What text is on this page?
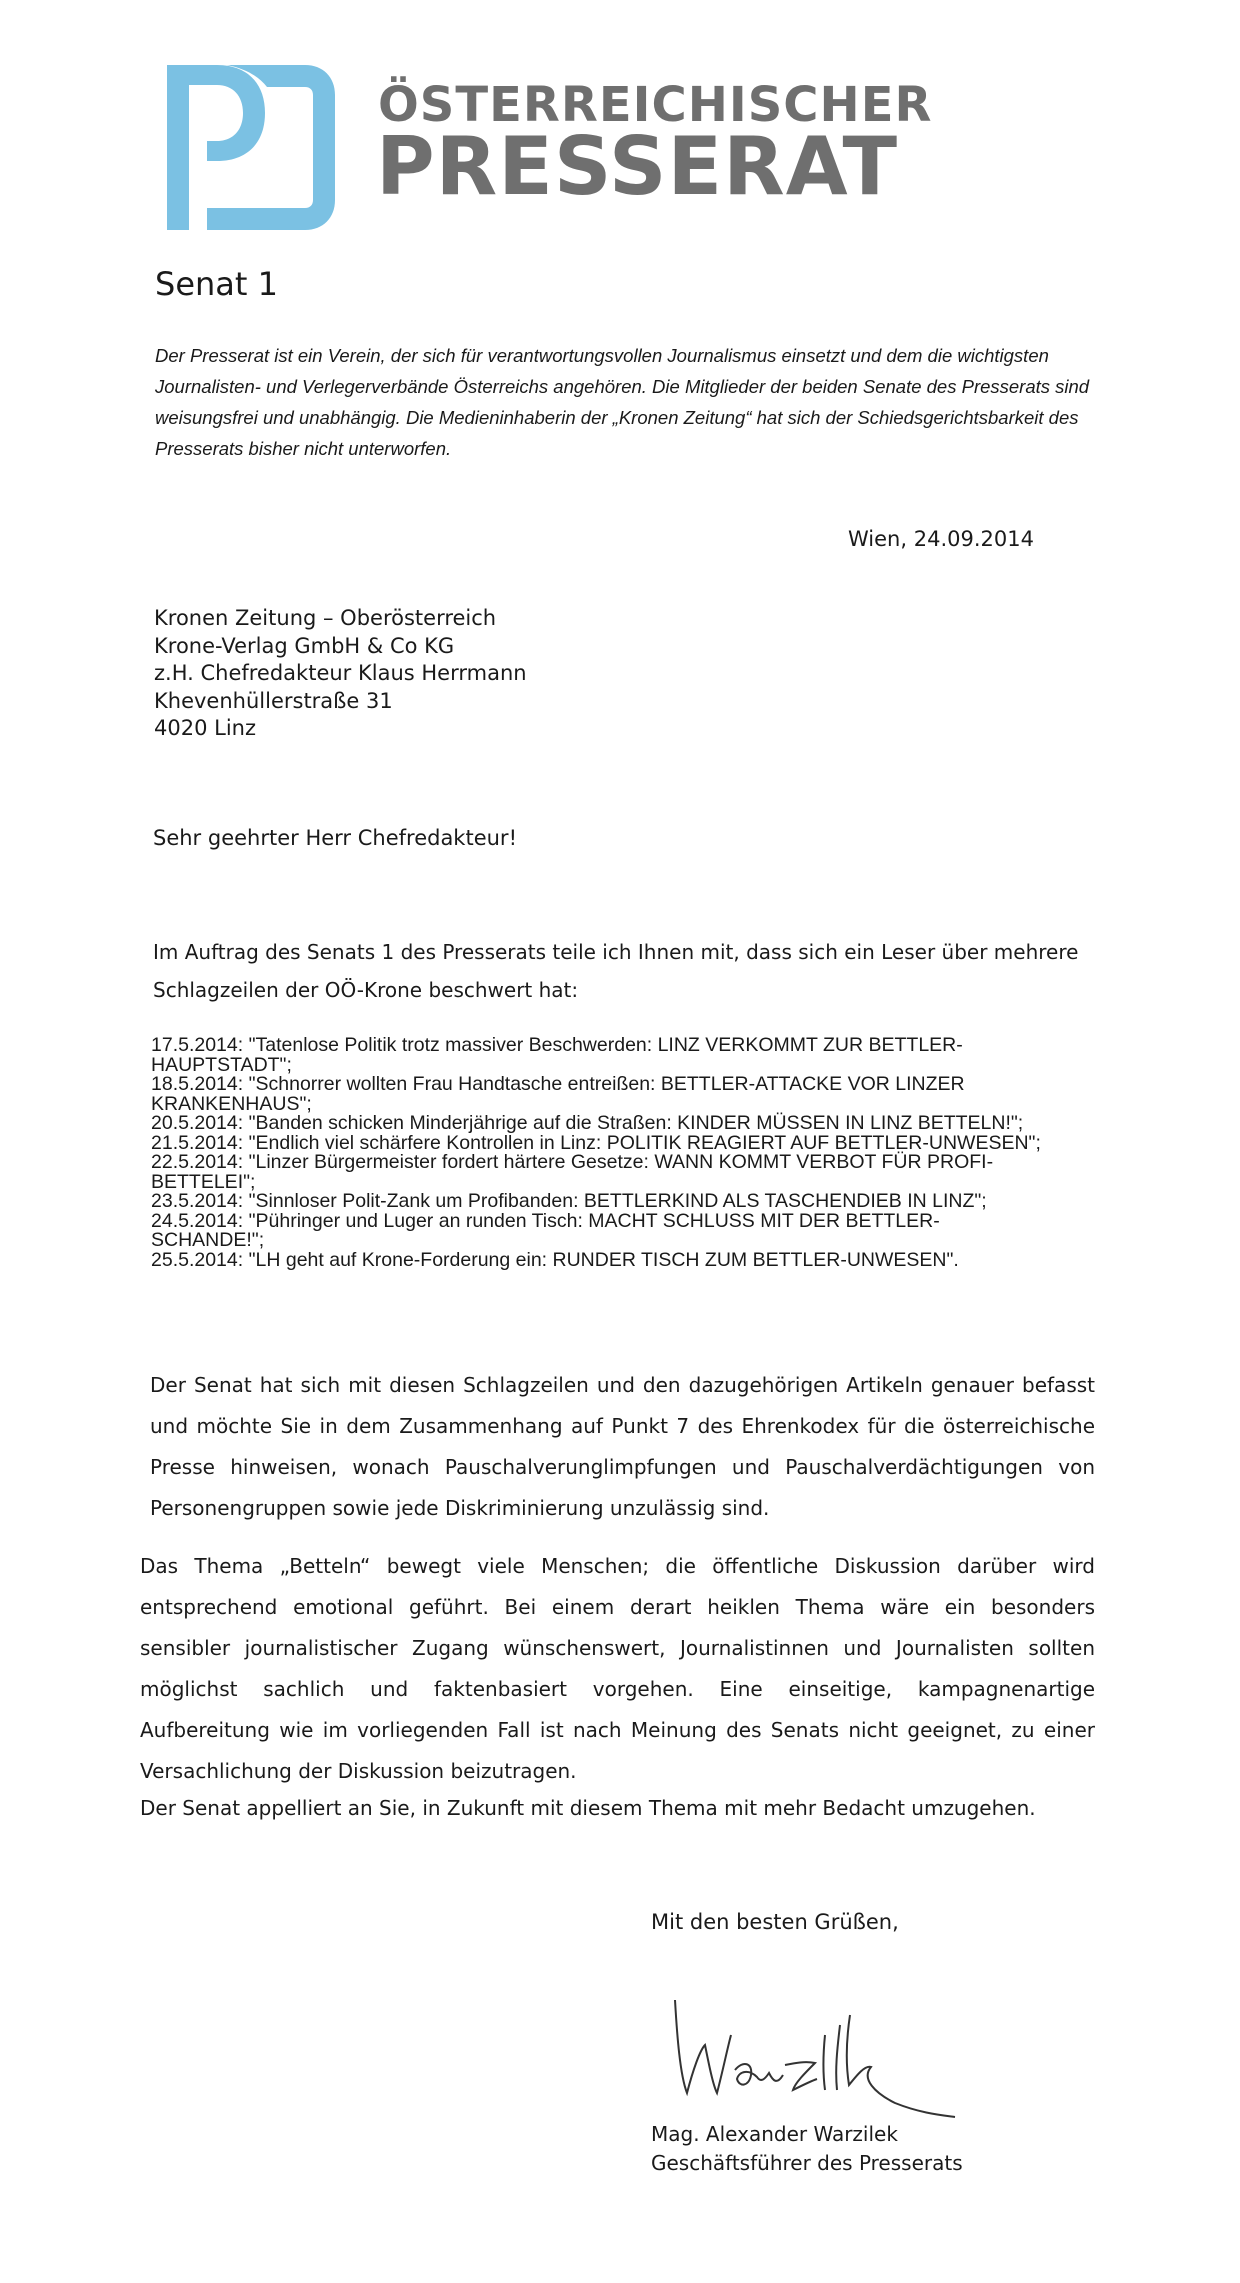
ÖSTERREICHISCHER
PRESSERAT
Senat 1

Der Presserat ist ein Verein, der sich für verantwortungsvollen Journalismus einsetzt und dem die wichtigsten Journalisten- und Verlegerverbände Österreichs angehören. Die Mitglieder der beiden Senate des Presserats sind weisungsfrei und unabhängig. Die Medieninhaberin der „Kronen Zeitung“ hat sich der Schiedsgerichtsbarkeit des Presserats bisher nicht unterworfen.

Wien, 24.09.2014
Kronen Zeitung – Oberösterreich
Krone-Verlag GmbH & Co KG
z.H. Chefredakteur Klaus Herrmann
Khevenhüllerstraße 31
4020 Linz
Sehr geehrter Herr Chefredakteur!
Im Auftrag des Senats 1 des Presserats teile ich Ihnen mit, dass sich ein Leser über mehrere Schlagzeilen der OÖ-Krone beschwert hat:
17.5.2014: "Tatenlose Politik trotz massiver Beschwerden: LINZ VERKOMMT ZUR BETTLER-
HAUPTSTADT";
18.5.2014: "Schnorrer wollten Frau Handtasche entreißen: BETTLER-ATTACKE VOR LINZER
KRANKENHAUS";
20.5.2014: "Banden schicken Minderjährige auf die Straßen: KINDER MÜSSEN IN LINZ BETTELN!";
21.5.2014: "Endlich viel schärfere Kontrollen in Linz: POLITIK REAGIERT AUF BETTLER-UNWESEN";
22.5.2014: "Linzer Bürgermeister fordert härtere Gesetze: WANN KOMMT VERBOT FÜR PROFI-
BETTELEI";
23.5.2014: "Sinnloser Polit-Zank um Profibanden: BETTLERKIND ALS TASCHENDIEB IN LINZ";
24.5.2014: "Pühringer und Luger an runden Tisch: MACHT SCHLUSS MIT DER BETTLER-
SCHANDE!";
25.5.2014: "LH geht auf Krone-Forderung ein: RUNDER TISCH ZUM BETTLER-UNWESEN".
Der Senat hat sich mit diesen Schlagzeilen und den dazugehörigen Artikeln genauer befasst und möchte Sie in dem Zusammenhang auf Punkt 7 des Ehrenkodex für die österreichische Presse hinweisen, wonach Pauschalverunglimpfungen und Pauschalverdächtigungen von Personengruppen sowie jede Diskriminierung unzulässig sind.
Das Thema „Betteln“ bewegt viele Menschen; die öffentliche Diskussion darüber wird entsprechend emotional geführt. Bei einem derart heiklen Thema wäre ein besonders sensibler journalistischer Zugang wünschenswert, Journalistinnen und Journalisten sollten möglichst sachlich und faktenbasiert vorgehen. Eine einseitige, kampagnenartige Aufbereitung wie im vorliegenden Fall ist nach Meinung des Senats nicht geeignet, zu einer Versachlichung der Diskussion beizutragen.
Der Senat appelliert an Sie, in Zukunft mit diesem Thema mit mehr Bedacht umzugehen.
Mit den besten Grüßen,
Mag. Alexander Warzilek
Geschäftsführer des Presserats
